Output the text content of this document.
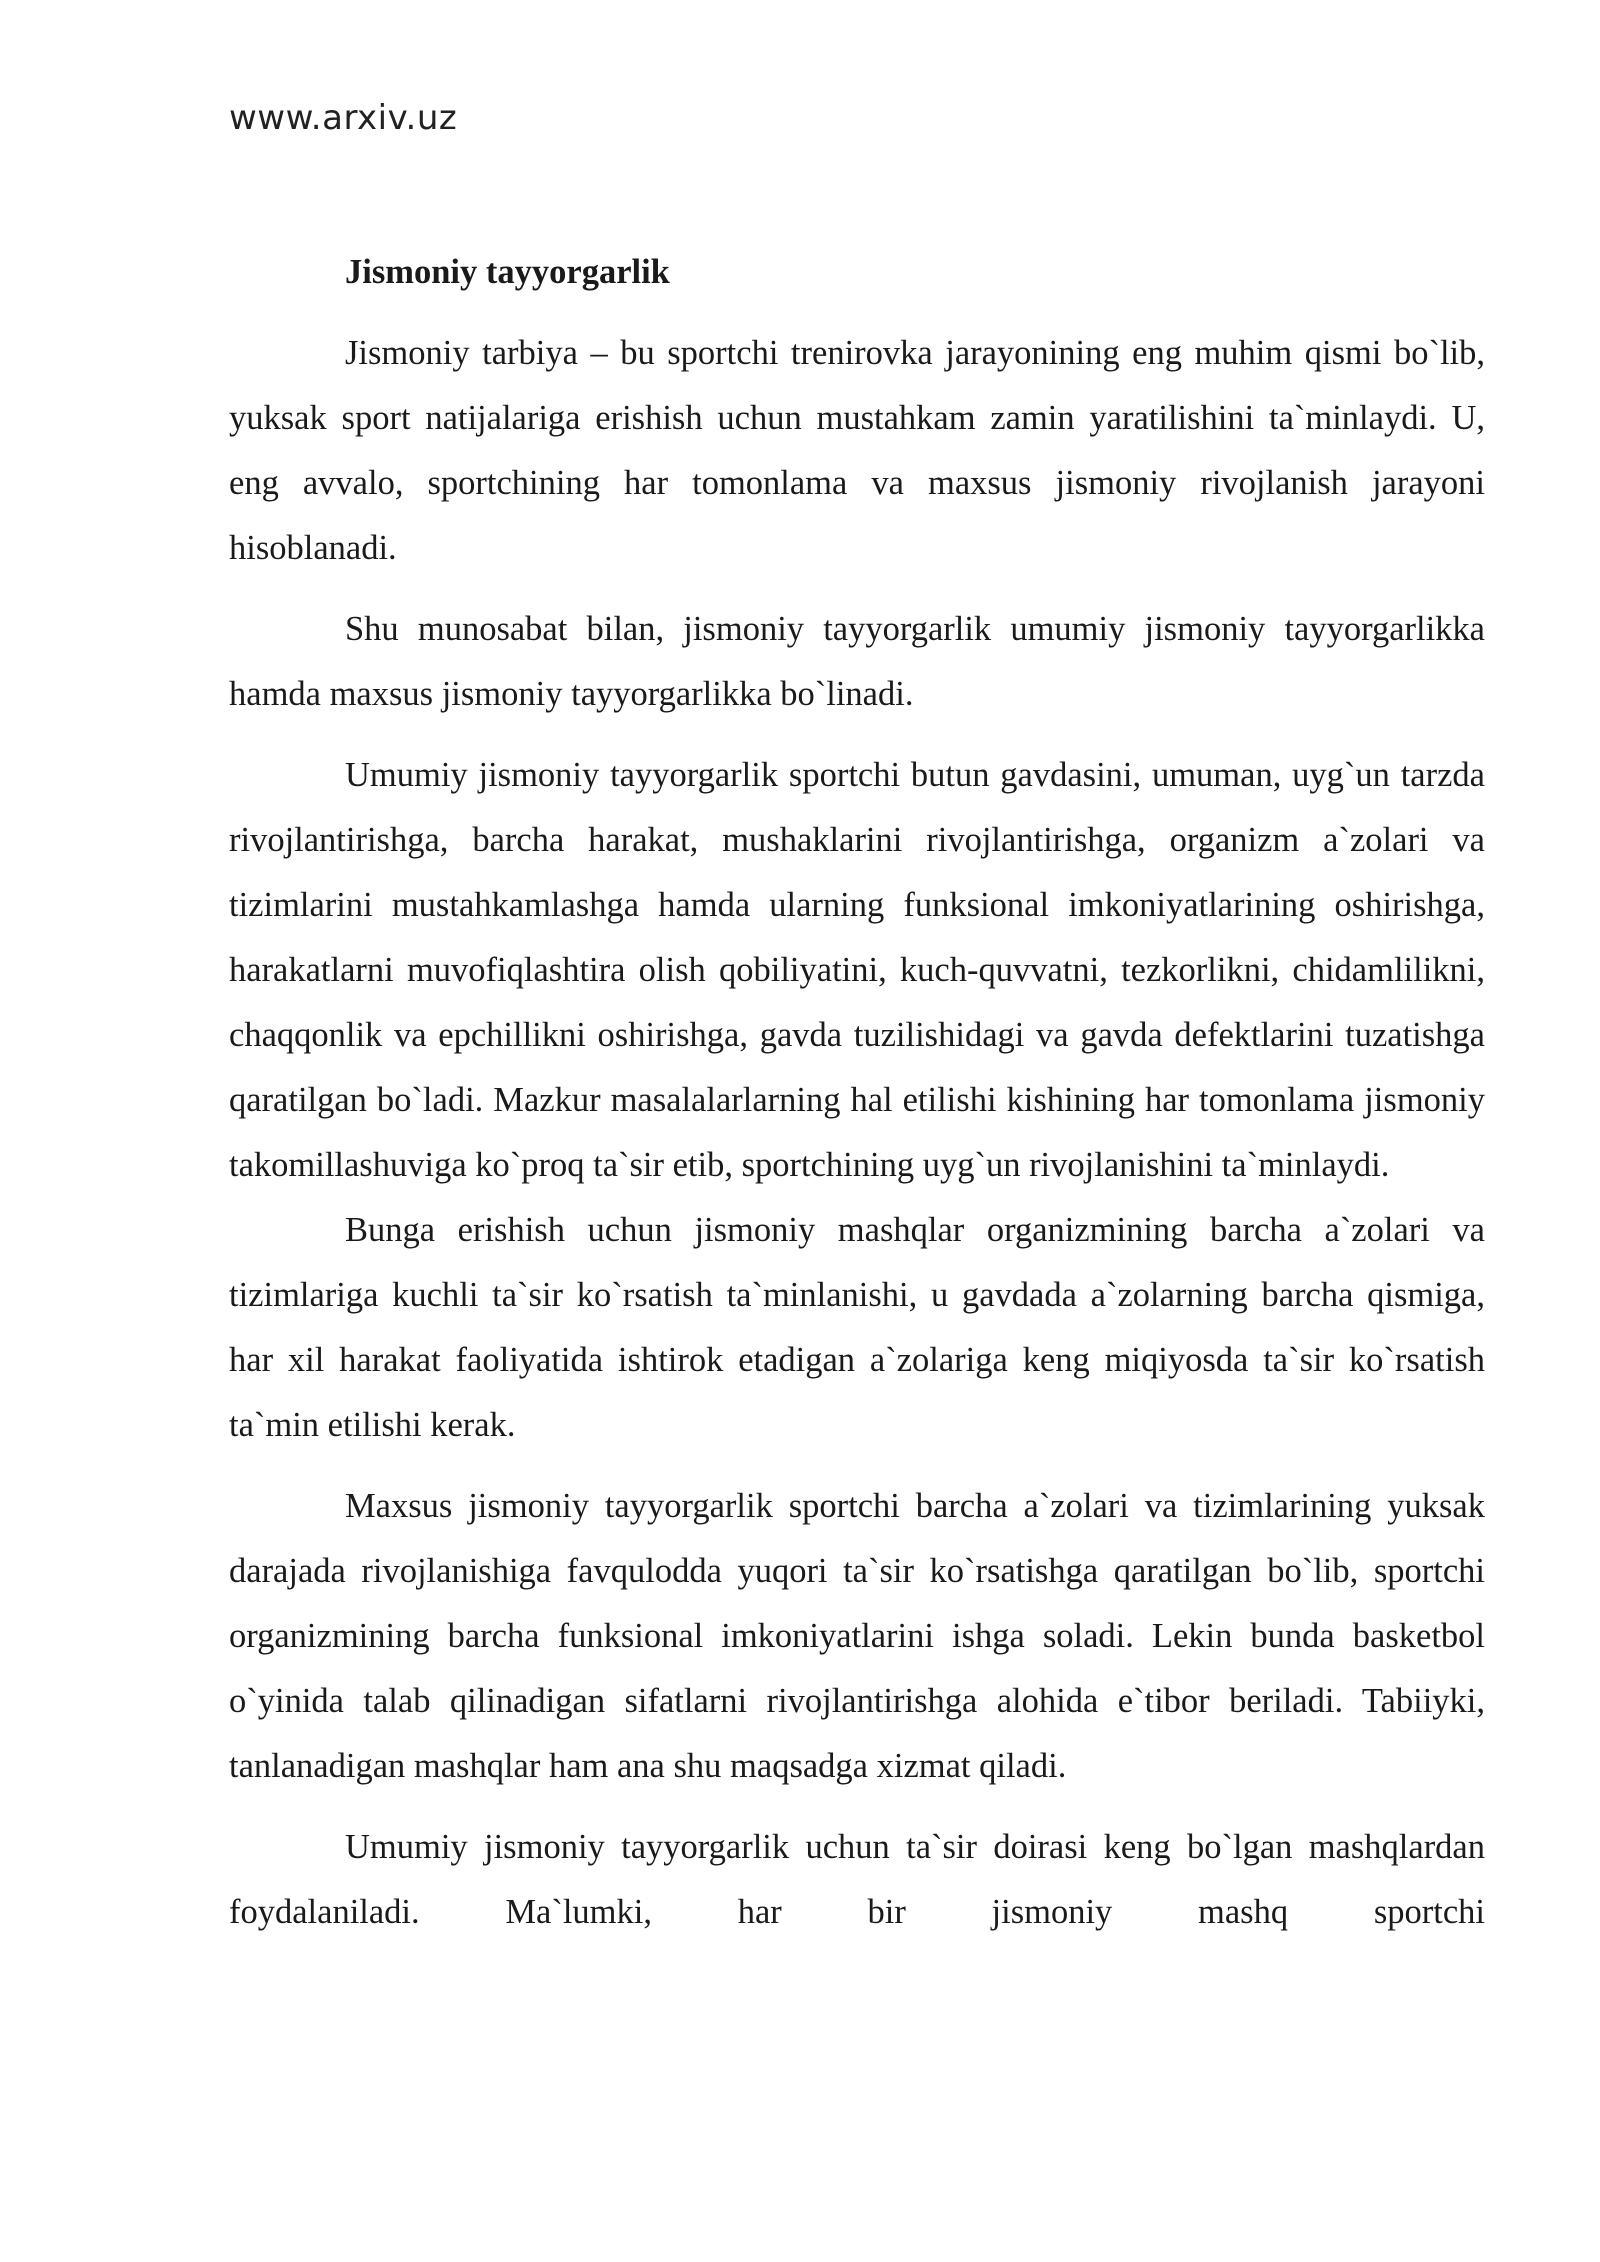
www.arxiv.uz
Jismoniy tayyorgarlik

Jismoniy tarbiya – bu sportchi trenirovka jarayonining eng muhim qismi bo`lib, yuksak sport natijalariga erishish uchun mustahkam zamin yaratilishini ta`minlaydi. U, eng avvalo, sportchining har tomonlama va maxsus jismoniy rivojlanish jarayoni hisoblanadi.

Shu munosabat bilan, jismoniy tayyorgarlik umumiy jismoniy tayyorgarlikka hamda maxsus jismoniy tayyorgarlikka bo`linadi.

Umumiy jismoniy tayyorgarlik sportchi butun gavdasini, umuman, uyg`un tarzda rivojlantirishga, barcha harakat, mushaklarini rivojlantirishga, organizm a`zolari va tizimlarini mustahkamlashga hamda ularning funksional imkoniyatlarining oshirishga, harakatlarni muvofiqlashtira olish qobiliyatini, kuch-quvvatni, tezkorlikni, chidamlilikni, chaqqonlik va epchillikni oshirishga, gavda tuzilishidagi va gavda defektlarini tuzatishga qaratilgan bo`ladi. Mazkur masalalarlarning hal etilishi kishining har tomonlama jismoniy takomillashuviga ko`proq ta`sir etib, sportchining uyg`un rivojlanishini ta`minlaydi.

Bunga erishish uchun jismoniy mashqlar organizmining barcha a`zolari va tizimlariga kuchli ta`sir ko`rsatish ta`minlanishi, u gavdada a`zolarning barcha qismiga, har xil harakat faoliyatida ishtirok etadigan a`zolariga keng miqiyosda ta`sir ko`rsatish ta`min etilishi kerak.

Maxsus jismoniy tayyorgarlik sportchi barcha a`zolari va tizimlarining yuksak darajada rivojlanishiga favqulodda yuqori ta`sir ko`rsatishga qaratilgan bo`lib, sportchi organizmining barcha funksional imkoniyatlarini ishga soladi. Lekin bunda basketbol o`yinida talab qilinadigan sifatlarni rivojlantirishga alohida e`tibor beriladi. Tabiiyki, tanlanadigan mashqlar ham ana shu maqsadga xizmat qiladi.

Umumiy jismoniy tayyorgarlik uchun ta`sir doirasi keng bo`lgan mashqlardan foydalaniladi. Ma`lumki, har bir jismoniy mashq sportchi
